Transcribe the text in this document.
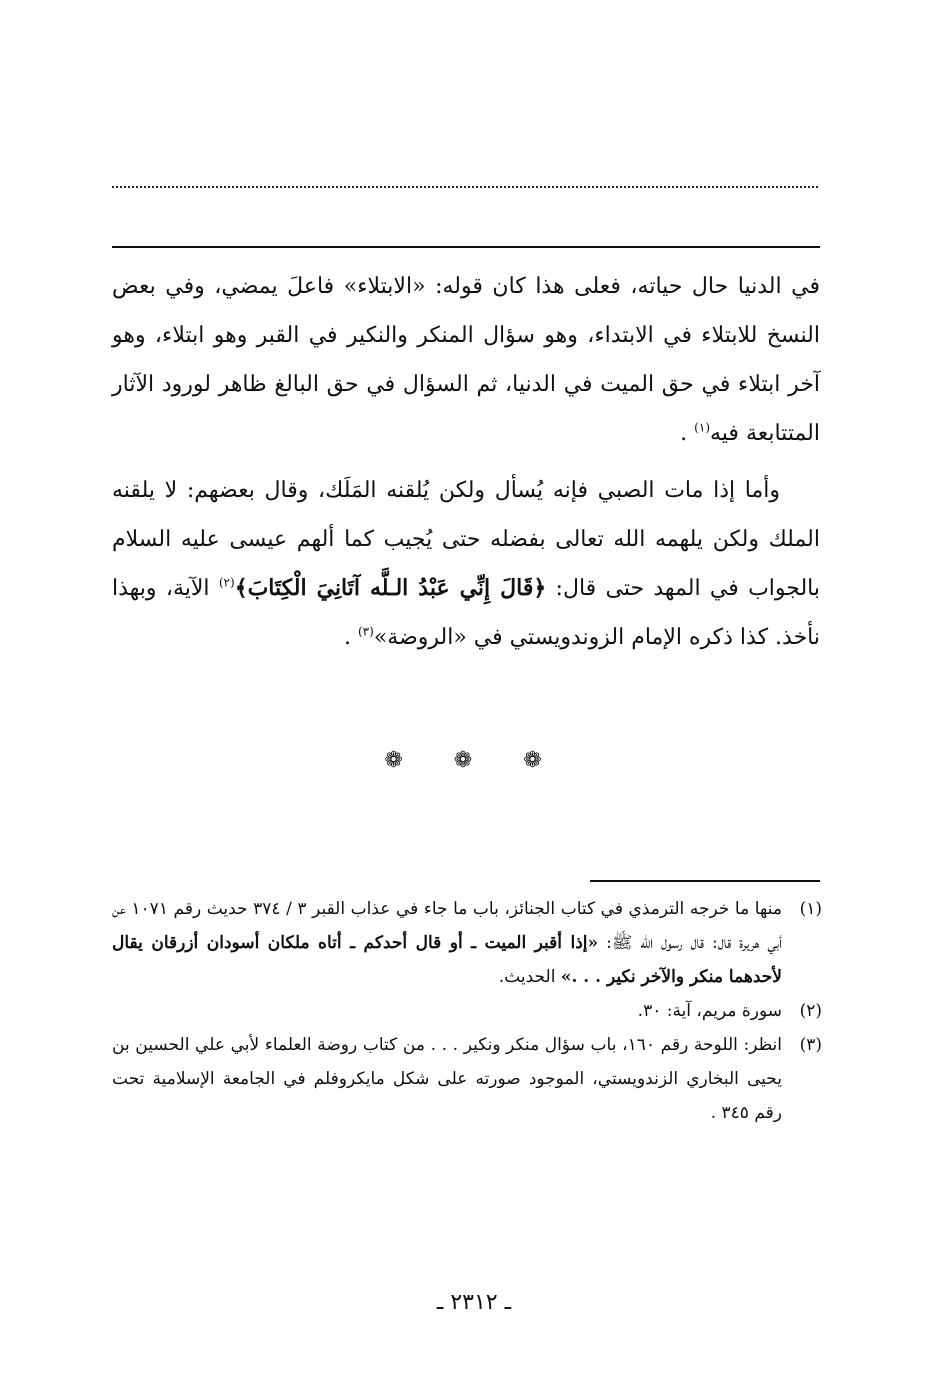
في الدنيا حال حياته، فعلى هذا كان قوله: «الابتلاء» فاعلَ يمضي، وفي بعض النسخ للابتلاء في الابتداء، وهو سؤال المنكر والنكير في القبر وهو ابتلاء، وهو آخر ابتلاء في حق الميت في الدنيا، ثم السؤال في حق البالغ ظاهر لورود الآثار المتتابعة فيه$^{(١)}$ .

وأما إذا مات الصبي فإنه يُسأل ولكن يُلقنه المَلَك، وقال بعضهم: لا يلقنه الملك ولكن يلهمه الله تعالى بفضله حتى يُجيب كما ألهم عيسى عليه السلام بالجواب في المهد حتى قال: ﴿قَالَ إِنِّي عَبْدُ الـلَّه آتَانِيَ الْكِتَابَ﴾$^{(٢)}$ الآية، وبهذا نأخذ. كذا ذكره الإمام الزوندويستي في «الروضة»$^{(٣)}$ .

❁ ❁ ❁
(١)
منها ما خرجه الترمذي في كتاب الجنائز، باب ما جاء في عذاب القبر ٣ / ٣٧٤ حديث رقم ١٠٧١ عن أبي هريرة قال: قال رسول الله ﷺ: «إذا أقبر الميت ـ أو قال أحدكم ـ أتاه ملكان أسودان أزرقان يقال لأحدهما منكر والآخر نكير . . .» الحديث.
(٢)
سورة مريم، آية: ٣٠.
(٣)
انظر: اللوحة رقم ١٦٠، باب سؤال منكر ونكير . . . من كتاب روضة العلماء لأبي علي الحسين بن يحيى البخاري الزندويستي، الموجود صورته على شكل مايكروفلم في الجامعة الإسلامية تحت رقم ٣٤٥ .
ـ ٢٣١٢ ـ
